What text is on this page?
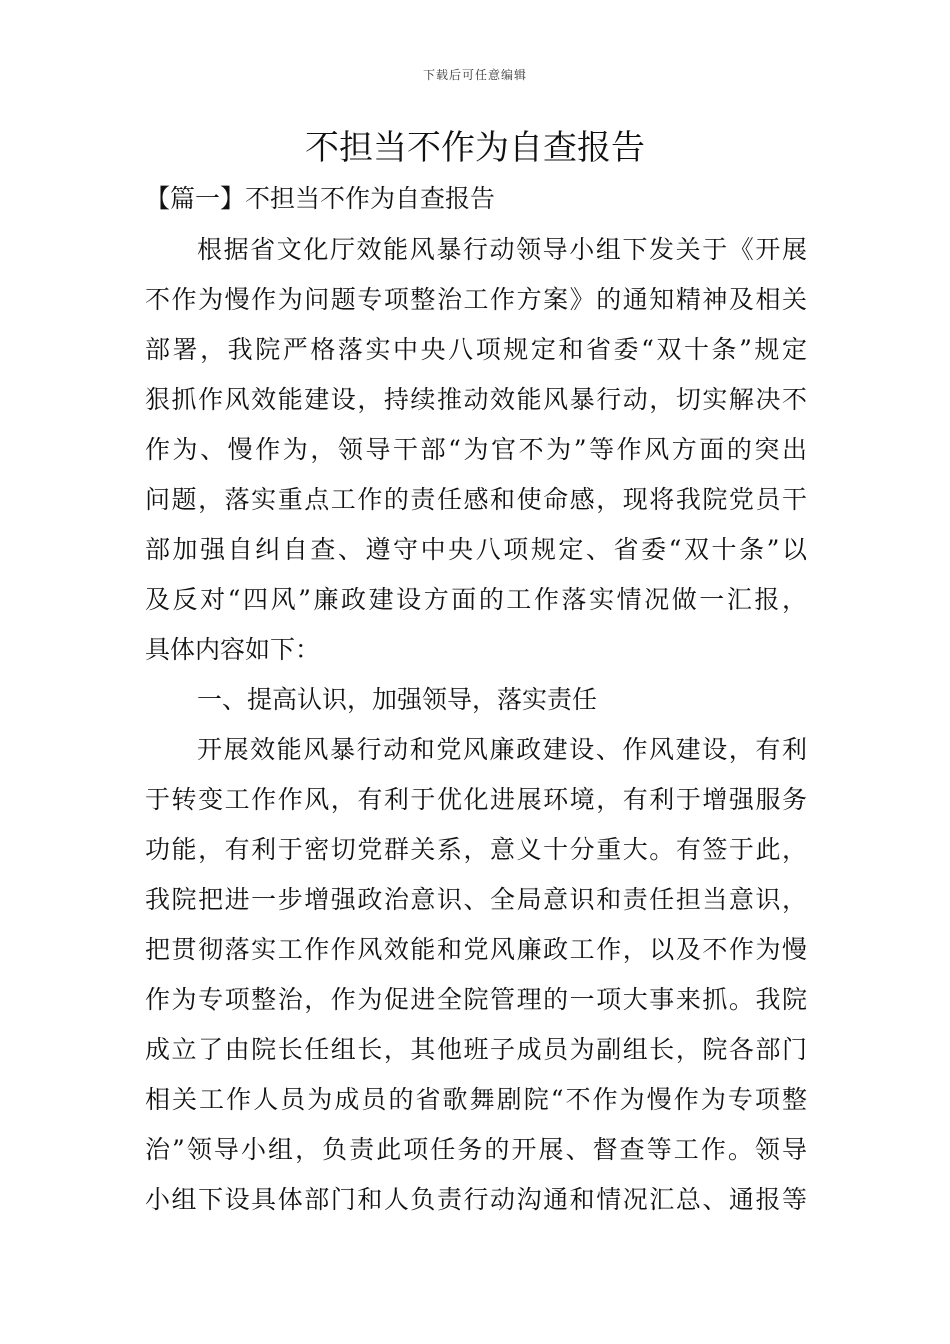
下载后可任意编辑
不担当不作为自查报告
【篇一】不担当不作为自查报告

根据省文化厅效能风暴行动领导小组下发关于《开展
不作为慢作为问题专项整治工作方案》的通知精神及相关
部署，我院严格落实中央八项规定和省委“双十条”规定
狠抓作风效能建设，持续推动效能风暴行动，切实解决不
作为、慢作为，领导干部“为官不为”等作风方面的突出
问题，落实重点工作的责任感和使命感，现将我院党员干
部加强自纠自查、遵守中央八项规定、省委“双十条”以
及反对“四风”廉政建设方面的工作落实情况做一汇报，
具体内容如下：

一、提高认识，加强领导，落实责任

开展效能风暴行动和党风廉政建设、作风建设，有利
于转变工作作风，有利于优化进展环境，有利于增强服务
功能，有利于密切党群关系，意义十分重大。有签于此，
我院把进一步增强政治意识、全局意识和责任担当意识，
把贯彻落实工作作风效能和党风廉政工作，以及不作为慢
作为专项整治，作为促进全院管理的一项大事来抓。我院
成立了由院长任组长，其他班子成员为副组长，院各部门
相关工作人员为成员的省歌舞剧院“不作为慢作为专项整
治”领导小组，负责此项任务的开展、督查等工作。领导
小组下设具体部门和人负责行动沟通和情况汇总、通报等
